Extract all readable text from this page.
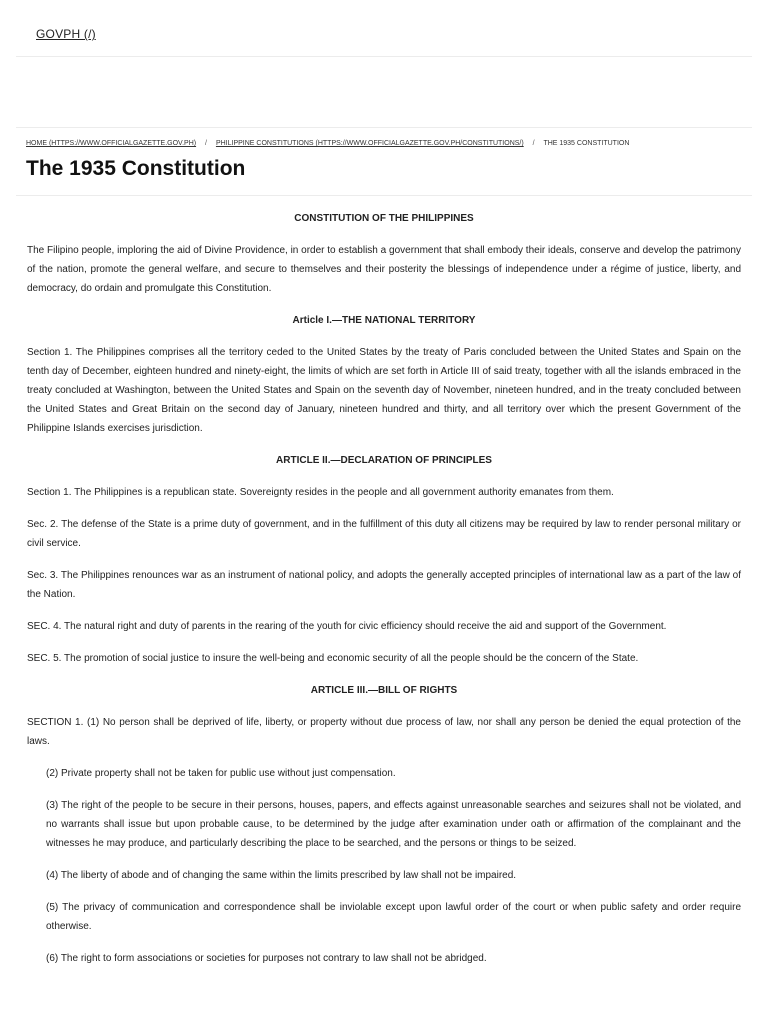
GOVPH (/)
HOME (HTTPS://WWW.OFFICIALGAZETTE.GOV.PH) / PHILIPPINE CONSTITUTIONS (HTTPS://WWW.OFFICIALGAZETTE.GOV.PH/CONSTITUTIONS/) / THE 1935 CONSTITUTION
The 1935 Constitution
CONSTITUTION OF THE PHILIPPINES

The Filipino people, imploring the aid of Divine Providence, in order to establish a government that shall embody their ideals, conserve and develop the patrimony of the nation, promote the general welfare, and secure to themselves and their posterity the blessings of independence under a régime of justice, liberty, and democracy, do ordain and promulgate this Constitution.

Article I.—THE NATIONAL TERRITORY

Section 1. The Philippines comprises all the territory ceded to the United States by the treaty of Paris concluded between the United States and Spain on the tenth day of December, eighteen hundred and ninety-eight, the limits of which are set forth in Article III of said treaty, together with all the islands embraced in the treaty concluded at Washington, between the United States and Spain on the seventh day of November, nineteen hundred, and in the treaty concluded between the United States and Great Britain on the second day of January, nineteen hundred and thirty, and all territory over which the present Government of the Philippine Islands exercises jurisdiction.

ARTICLE II.—DECLARATION OF PRINCIPLES

Section 1. The Philippines is a republican state. Sovereignty resides in the people and all government authority emanates from them.

Sec. 2. The defense of the State is a prime duty of government, and in the fulfillment of this duty all citizens may be required by law to render personal military or civil service.

Sec. 3. The Philippines renounces war as an instrument of national policy, and adopts the generally accepted principles of international law as a part of the law of the Nation.

SEC. 4. The natural right and duty of parents in the rearing of the youth for civic efficiency should receive the aid and support of the Government.

SEC. 5. The promotion of social justice to insure the well-being and economic security of all the people should be the concern of the State.

ARTICLE III.—BILL OF RIGHTS

SECTION 1. (1) No person shall be deprived of life, liberty, or property without due process of law, nor shall any person be denied the equal protection of the laws.

(2) Private property shall not be taken for public use without just compensation.

(3) The right of the people to be secure in their persons, houses, papers, and effects against unreasonable searches and seizures shall not be violated, and no warrants shall issue but upon probable cause, to be determined by the judge after examination under oath or affirmation of the complainant and the witnesses he may produce, and particularly describing the place to be searched, and the persons or things to be seized.

(4) The liberty of abode and of changing the same within the limits prescribed by law shall not be impaired.

(5) The privacy of communication and correspondence shall be inviolable except upon lawful order of the court or when public safety and order require otherwise.

(6) The right to form associations or societies for purposes not contrary to law shall not be abridged.
